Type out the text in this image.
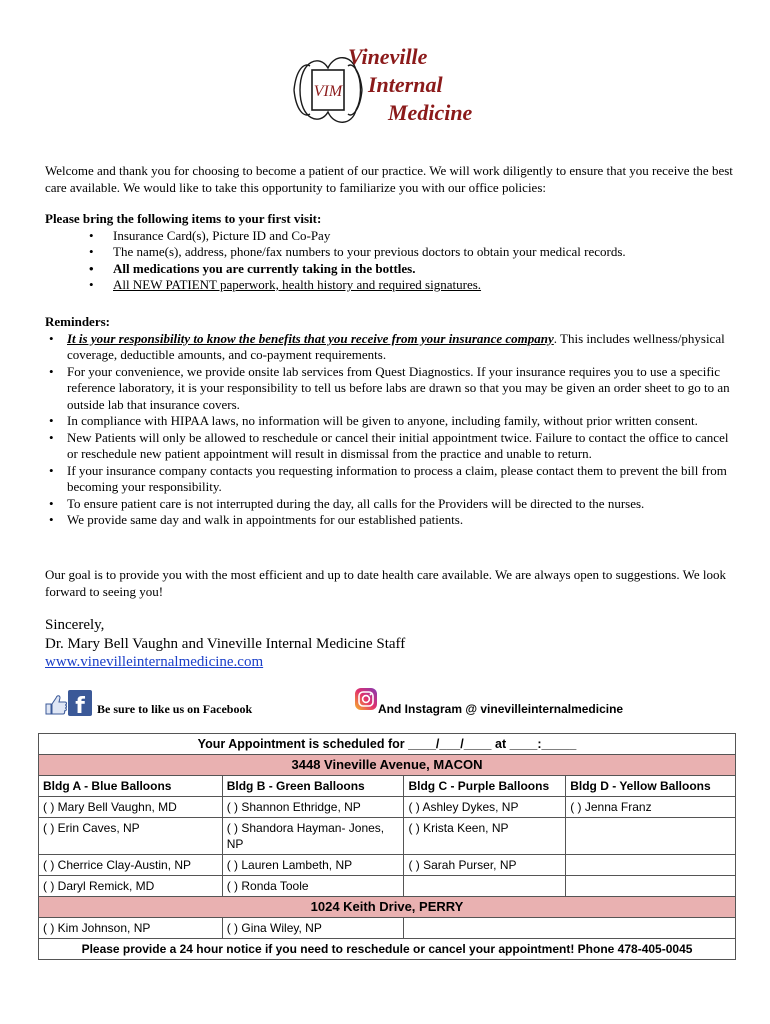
VIM
Vineville
Internal
Medicine
Welcome and thank you for choosing to become a patient of our practice. We will work diligently to ensure that you receive the best care available. We would like to take this opportunity to familiarize you with our office policies:
Please bring the following items to your first visit:
• Insurance Card(s), Picture ID and Co-Pay
• The name(s), address, phone/fax numbers to your previous doctors to obtain your medical records.
• All medications you are currently taking in the bottles.
• All NEW PATIENT paperwork, health history and required signatures.
Reminders:
• It is your responsibility to know the benefits that you receive from your insurance company. This includes wellness/physical coverage, deductible amounts, and co-payment requirements.
• For your convenience, we provide onsite lab services from Quest Diagnostics. If your insurance requires you to use a specific reference laboratory, it is your responsibility to tell us before labs are drawn so that you may be given an order sheet to go to an outside lab that insurance covers.
• In compliance with HIPAA laws, no information will be given to anyone, including family, without prior written consent.
• New Patients will only be allowed to reschedule or cancel their initial appointment twice. Failure to contact the office to cancel or reschedule new patient appointment will result in dismissal from the practice and unable to return.
• If your insurance company contacts you requesting information to process a claim, please contact them to prevent the bill from becoming your responsibility.
• To ensure patient care is not interrupted during the day, all calls for the Providers will be directed to the nurses.
• We provide same day and walk in appointments for our established patients.
Our goal is to provide you with the most efficient and up to date health care available. We are always open to suggestions. We look forward to seeing you!
Sincerely,
Dr. Mary Bell Vaughn and Vineville Internal Medicine Staff
www.vinevilleinternalmedicine.com
f Be sure to like us on Facebook	And Instagram @ vinevilleinternalmedicine
Your Appointment is scheduled for ____/___/____ at ____:_____			
3448 Vineville Avenue, MACON			
Bldg A - Blue Balloons	Bldg B - Green Balloons	Bldg C - Purple Balloons	Bldg D - Yellow Balloons
( ) Mary Bell Vaughn, MD	( ) Shannon Ethridge, NP	( ) Ashley Dykes, NP	( ) Jenna Franz
( ) Erin Caves, NP	( ) Shandora Hayman- Jones, NP	( ) Krista Keen, NP	
( ) Cherrice Clay-Austin, NP	( ) Lauren Lambeth, NP	( ) Sarah Purser, NP	
( ) Daryl Remick, MD	( ) Ronda Toole		
1024 Keith Drive, PERRY			
( ) Kim Johnson, NP	( ) Gina Wiley, NP		
Please provide a 24 hour notice if you need to reschedule or cancel your appointment! Phone 478-405-0045			
